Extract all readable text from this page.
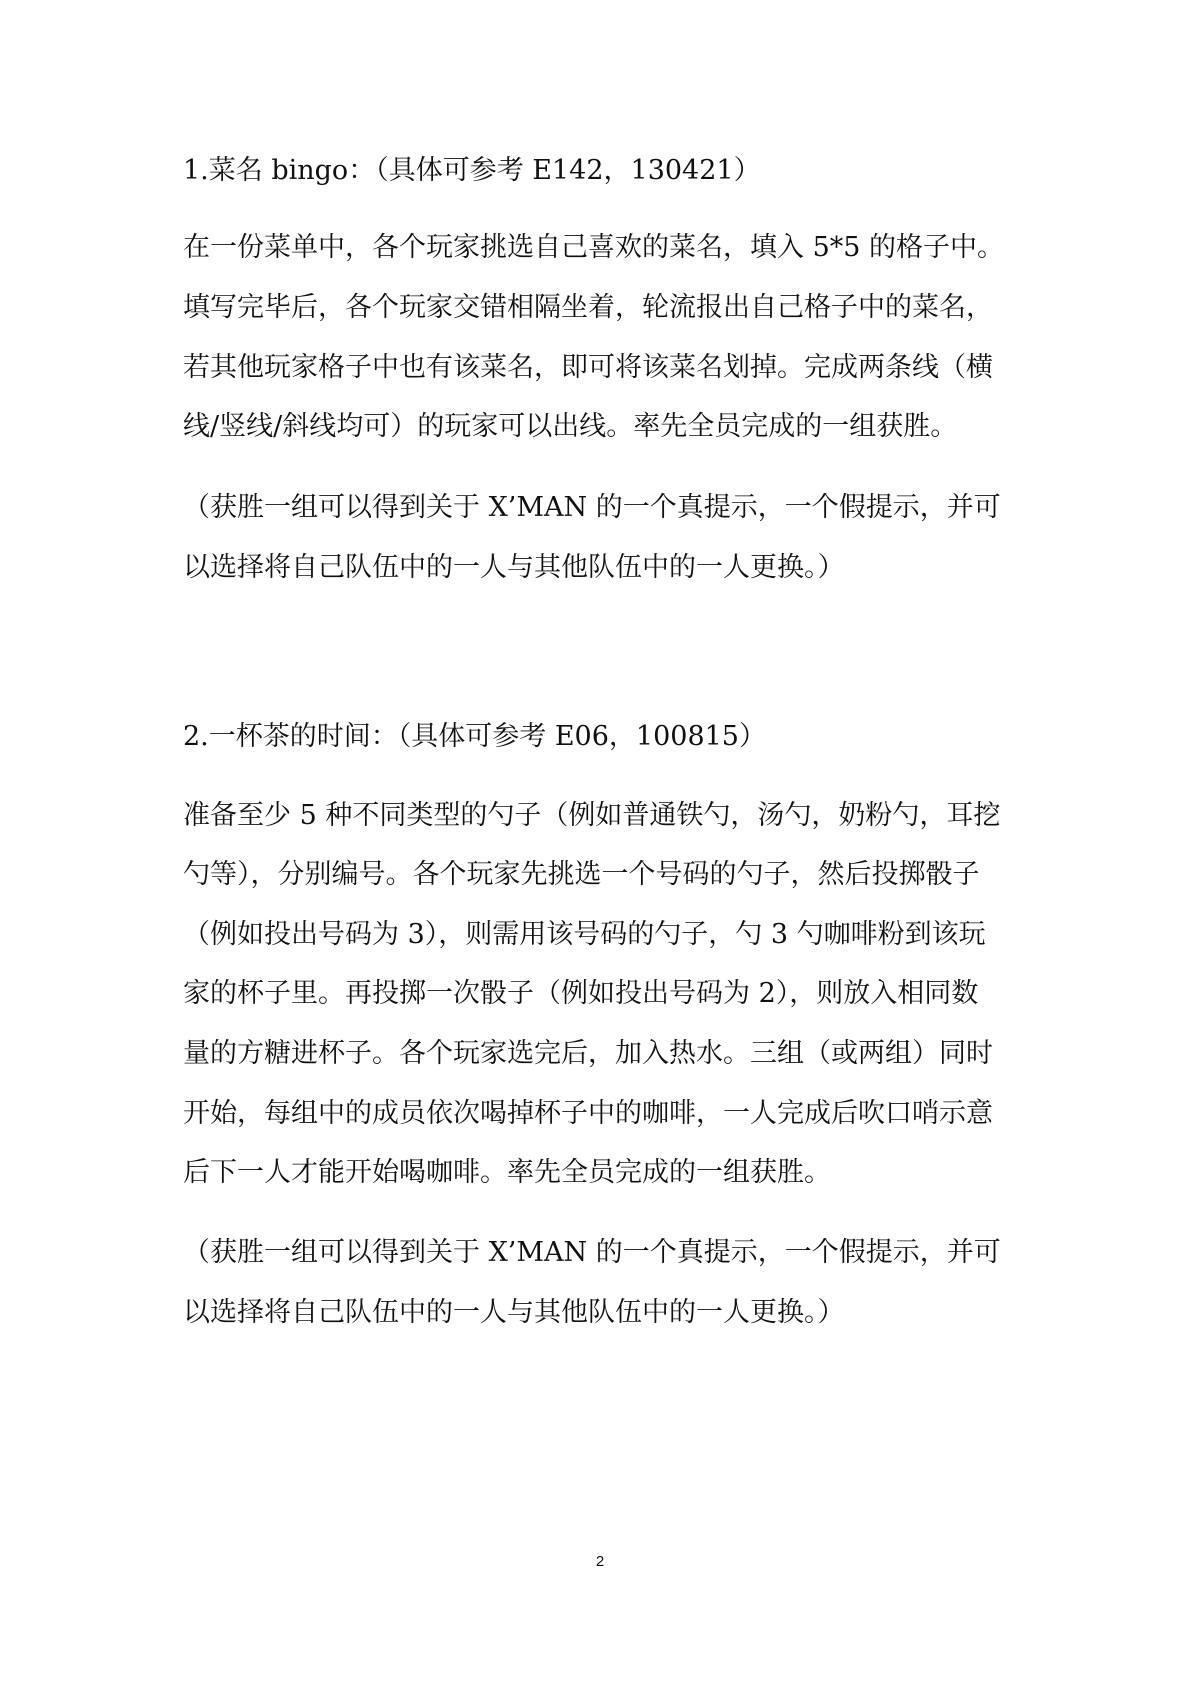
1.菜名 bingo：（具体可参考 E142，130421）
在一份菜单中，各个玩家挑选自己喜欢的菜名，填入 5*5 的格子中。
填写完毕后，各个玩家交错相隔坐着，轮流报出自己格子中的菜名，
若其他玩家格子中也有该菜名，即可将该菜名划掉。完成两条线（横
线/竖线/斜线均可）的玩家可以出线。率先全员完成的一组获胜。
（获胜一组可以得到关于 X’MAN 的一个真提示，一个假提示，并可
以选择将自己队伍中的一人与其他队伍中的一人更换。）
2.一杯茶的时间：（具体可参考 E06，100815）
准备至少 5 种不同类型的勺子（例如普通铁勺，汤勺，奶粉勺，耳挖
勺等），分别编号。各个玩家先挑选一个号码的勺子，然后投掷骰子
（例如投出号码为 3），则需用该号码的勺子，勺 3 勺咖啡粉到该玩
家的杯子里。再投掷一次骰子（例如投出号码为 2），则放入相同数
量的方糖进杯子。各个玩家选完后，加入热水。三组（或两组）同时
开始，每组中的成员依次喝掉杯子中的咖啡，一人完成后吹口哨示意
后下一人才能开始喝咖啡。率先全员完成的一组获胜。
（获胜一组可以得到关于 X’MAN 的一个真提示，一个假提示，并可
以选择将自己队伍中的一人与其他队伍中的一人更换。）
2
